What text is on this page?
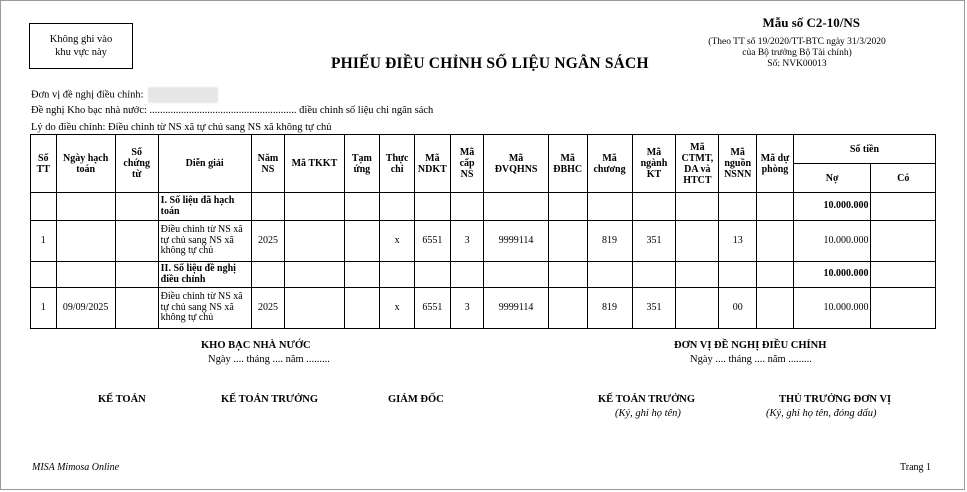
Không ghi vào
khu vực này
Mẫu số C2-10/NS
(Theo TT số 19/2020/TT-BTC ngày 31/3/2020
của Bộ trưởng Bộ Tài chính)
Số: NVK00013
PHIẾU ĐIỀU CHỈNH SỐ LIỆU NGÂN SÁCH
Đơn vị đề nghị điều chỉnh:
Đề nghị Kho bạc nhà nước: ........................................................ điều chỉnh số liệu chi ngân sách
Lý do điều chỉnh: Điều chỉnh từ NS xã tự chủ sang NS xã không tự chủ
Số TT	Ngày hạch toán	Số chứng từ	Diễn giải	Năm NS	Mã TKKT	Tạm ứng	Thực chi	Mã NDKT	Mã cấp NS	Mã ĐVQHNS	Mã ĐBHC	Mã chương	Mã ngành KT	Mã CTMT, DA và HTCT	Mã nguồn NSNN	Mã dự phòng	Số tiền	
																	Nợ	Có
			I. Số liệu đã hạch toán														10.000.000	
1			Điều chỉnh từ NS xã tự chủ sang NS xã không tự chủ	2025			x	6551	3	9999114		819	351		13		10.000.000	
			II. Số liệu đề nghị điều chỉnh														10.000.000	
1	09/09/2025		Điều chỉnh từ NS xã tự chủ sang NS xã không tự chủ	2025			x	6551	3	9999114		819	351		00		10.000.000	
KHO BẠC NHÀ NƯỚC
Ngày .... tháng .... năm .........
ĐƠN VỊ ĐỀ NGHỊ ĐIỀU CHỈNH
Ngày .... tháng .... năm .........
KẾ TOÁN	KẾ TOÁN TRƯỞNG	GIÁM ĐỐC	KẾ TOÁN TRƯỞNG
(Ký, ghi họ tên)
THỦ TRƯỞNG ĐƠN VỊ
(Ký, ghi họ tên, đóng dấu)
MISA Mimosa Online	Trang 1
